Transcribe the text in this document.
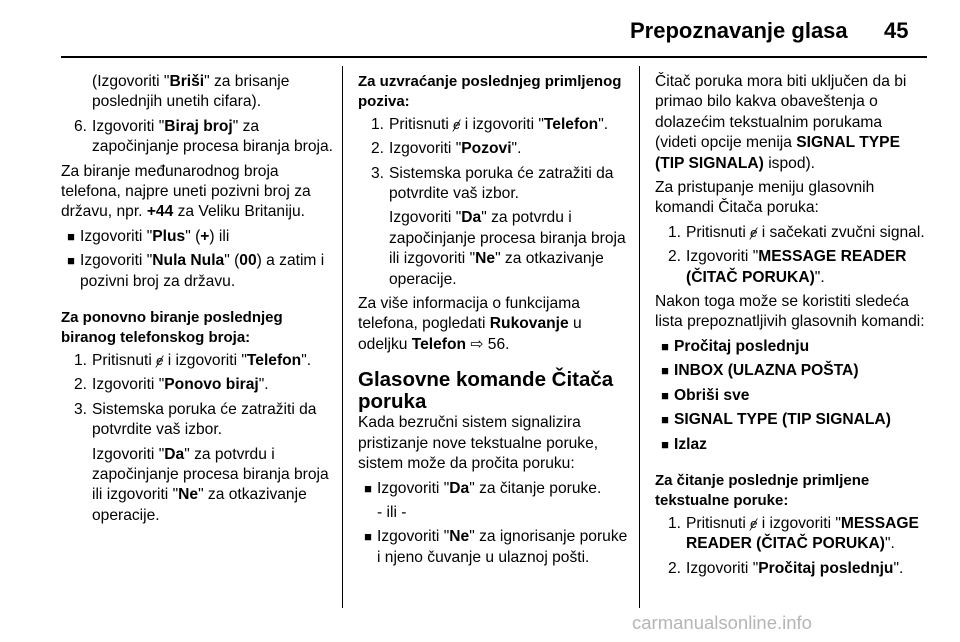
Prepoznavanje glasa 45
(Izgovoriti "Briši" za brisanje poslednjih unetih cifara).
6. Izgovoriti "Biraj broj" za započinjanje procesa biranja broja.

Za biranje međunarodnog broja telefona, najpre uneti pozivni broj za državu, npr. +44 za Veliku Britaniju.

■ Izgovoriti "Plus" (+) ili
■ Izgovoriti "Nula Nula" (00) a zatim i pozivni broj za državu.
Za ponovno biranje poslednjeg biranog telefonskog broja:
1. Pritisnuti ɇ i izgovoriti "Telefon".
2. Izgovoriti "Ponovo biraj".
3. Sistemska poruka će zatražiti da potvrdite vaš izbor.
Izgovoriti "Da" za potvrdu i započinjanje procesa biranja broja ili izgovoriti "Ne" za otkazivanje operacije.
Za uzvraćanje poslednjeg primljenog poziva:
1. Pritisnuti ɇ i izgovoriti "Telefon".
2. Izgovoriti "Pozovi".
3. Sistemska poruka će zatražiti da potvrdite vaš izbor.
Izgovoriti "Da" za potvrdu i započinjanje procesa biranja broja ili izgovoriti "Ne" za otkazivanje operacije.

Za više informacija o funkcijama telefona, pogledati Rukovanje u odeljku Telefon ⇨ 56.

Glasovne komande Čitača poruka

Kada bezručni sistem signalizira pristizanje nove tekstualne poruke, sistem može da pročita poruku:

■ Izgovoriti "Da" za čitanje poruke.
- ili -
■ Izgovoriti "Ne" za ignorisanje poruke i njeno čuvanje u ulaznoj pošti.

Čitač poruka mora biti uključen da bi primao bilo kakva obaveštenja o dolazećim tekstualnim porukama (videti opcije menija SIGNAL TYPE (TIP SIGNALA) ispod).

Za pristupanje meniju glasovnih komandi Čitača poruka:

1. Pritisnuti ɇ i sačekati zvučni signal.
2. Izgovoriti "MESSAGE READER (ČITAČ PORUKA)".

Nakon toga može se koristiti sledeća lista prepoznatljivih glasovnih komandi:

■ Pročitaj poslednju
■ INBOX (ULAZNA POŠTA)
■ Obriši sve
■ SIGNAL TYPE (TIP SIGNALA)
■ Izlaz
Za čitanje poslednje primljene tekstualne poruke:
1. Pritisnuti ɇ i izgovoriti "MESSAGE READER (ČITAČ PORUKA)".
2. Izgovoriti "Pročitaj poslednju".
carmanualsonline.info
